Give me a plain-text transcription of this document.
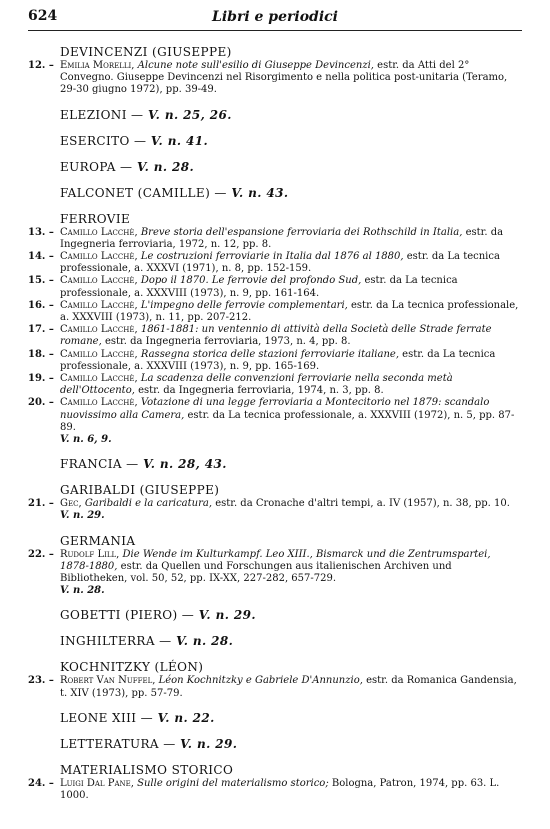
624	Libri e periodici
DEVINCENZI (GIUSEPPE)
12. – Emilia Morelli, Alcune note sull'esilio di Giuseppe Devincenzi, estr. da Atti del 2° Convegno. Giuseppe Devincenzi nel Risorgimento e nella politica post-unitaria (Teramo, 29-30 giugno 1972), pp. 39-49.
ELEZIONI — V. n. 25, 26.
ESERCITO — V. n. 41.
EUROPA — V. n. 28.
FALCONET (CAMILLE) — V. n. 43.
FERROVIE
13. – Camillo Lacchè, Breve storia dell'espansione ferroviaria dei Rothschild in Italia, estr. da Ingegneria ferroviaria, 1972, n. 12, pp. 8.
14. – Camillo Lacchè, Le costruzioni ferroviarie in Italia dal 1876 al 1880, estr. da La tecnica professionale, a. XXXVI (1971), n. 8, pp. 152-159.
15. – Camillo Lacchè, Dopo il 1870. Le ferrovie del profondo Sud, estr. da La tecnica professionale, a. XXXVIII (1973), n. 9, pp. 161-164.
16. – Camillo Lacchè, L'impegno delle ferrovie complementari, estr. da La tecnica professionale, a. XXXVIII (1973), n. 11, pp. 207-212.
17. – Camillo Lacchè, 1861-1881: un ventennio di attività della Società delle Strade ferrate romane, estr. da Ingegneria ferroviaria, 1973, n. 4, pp. 8.
18. – Camillo Lacchè, Rassegna storica delle stazioni ferroviarie italiane, estr. da La tecnica professionale, a. XXXVIII (1973), n. 9, pp. 165-169.
19. – Camillo Lacchè, La scadenza delle convenzioni ferroviarie nella seconda metà dell'Ottocento, estr. da Ingegneria ferroviaria, 1974, n. 3, pp. 8.
20. – Camillo Lacchè, Votazione di una legge ferroviaria a Montecitorio nel 1879: scandalo nuovissimo alla Camera, estr. da La tecnica professionale, a. XXXVIII (1972), n. 5, pp. 87-89.
V. n. 6, 9.
FRANCIA — V. n. 28, 43.
GARIBALDI (GIUSEPPE)
21. – Gec, Garibaldi e la caricatura, estr. da Cronache d'altri tempi, a. IV (1957), n. 38, pp. 10.
V. n. 29.
GERMANIA
22. – Rudolf Lill, Die Wende im Kulturkampf. Leo XIII., Bismarck und die Zentrumspartei, 1878-1880, estr. da Quellen und Forschungen aus italienischen Archiven und Bibliotheken, vol. 50, 52, pp. IX-XX, 227-282, 657-729.
V. n. 28.
GOBETTI (PIERO) — V. n. 29.
INGHILTERRA — V. n. 28.
KOCHNITZKY (LÉON)
23. – Robert Van Nuffel, Léon Kochnitzky e Gabriele D'Annunzio, estr. da Romanica Gandensia, t. XIV (1973), pp. 57-79.
LEONE XIII — V. n. 22.
LETTERATURA — V. n. 29.
MATERIALISMO STORICO
24. – Luigi Dal Pane, Sulle origini del materialismo storico; Bologna, Patron, 1974, pp. 63. L. 1000.
